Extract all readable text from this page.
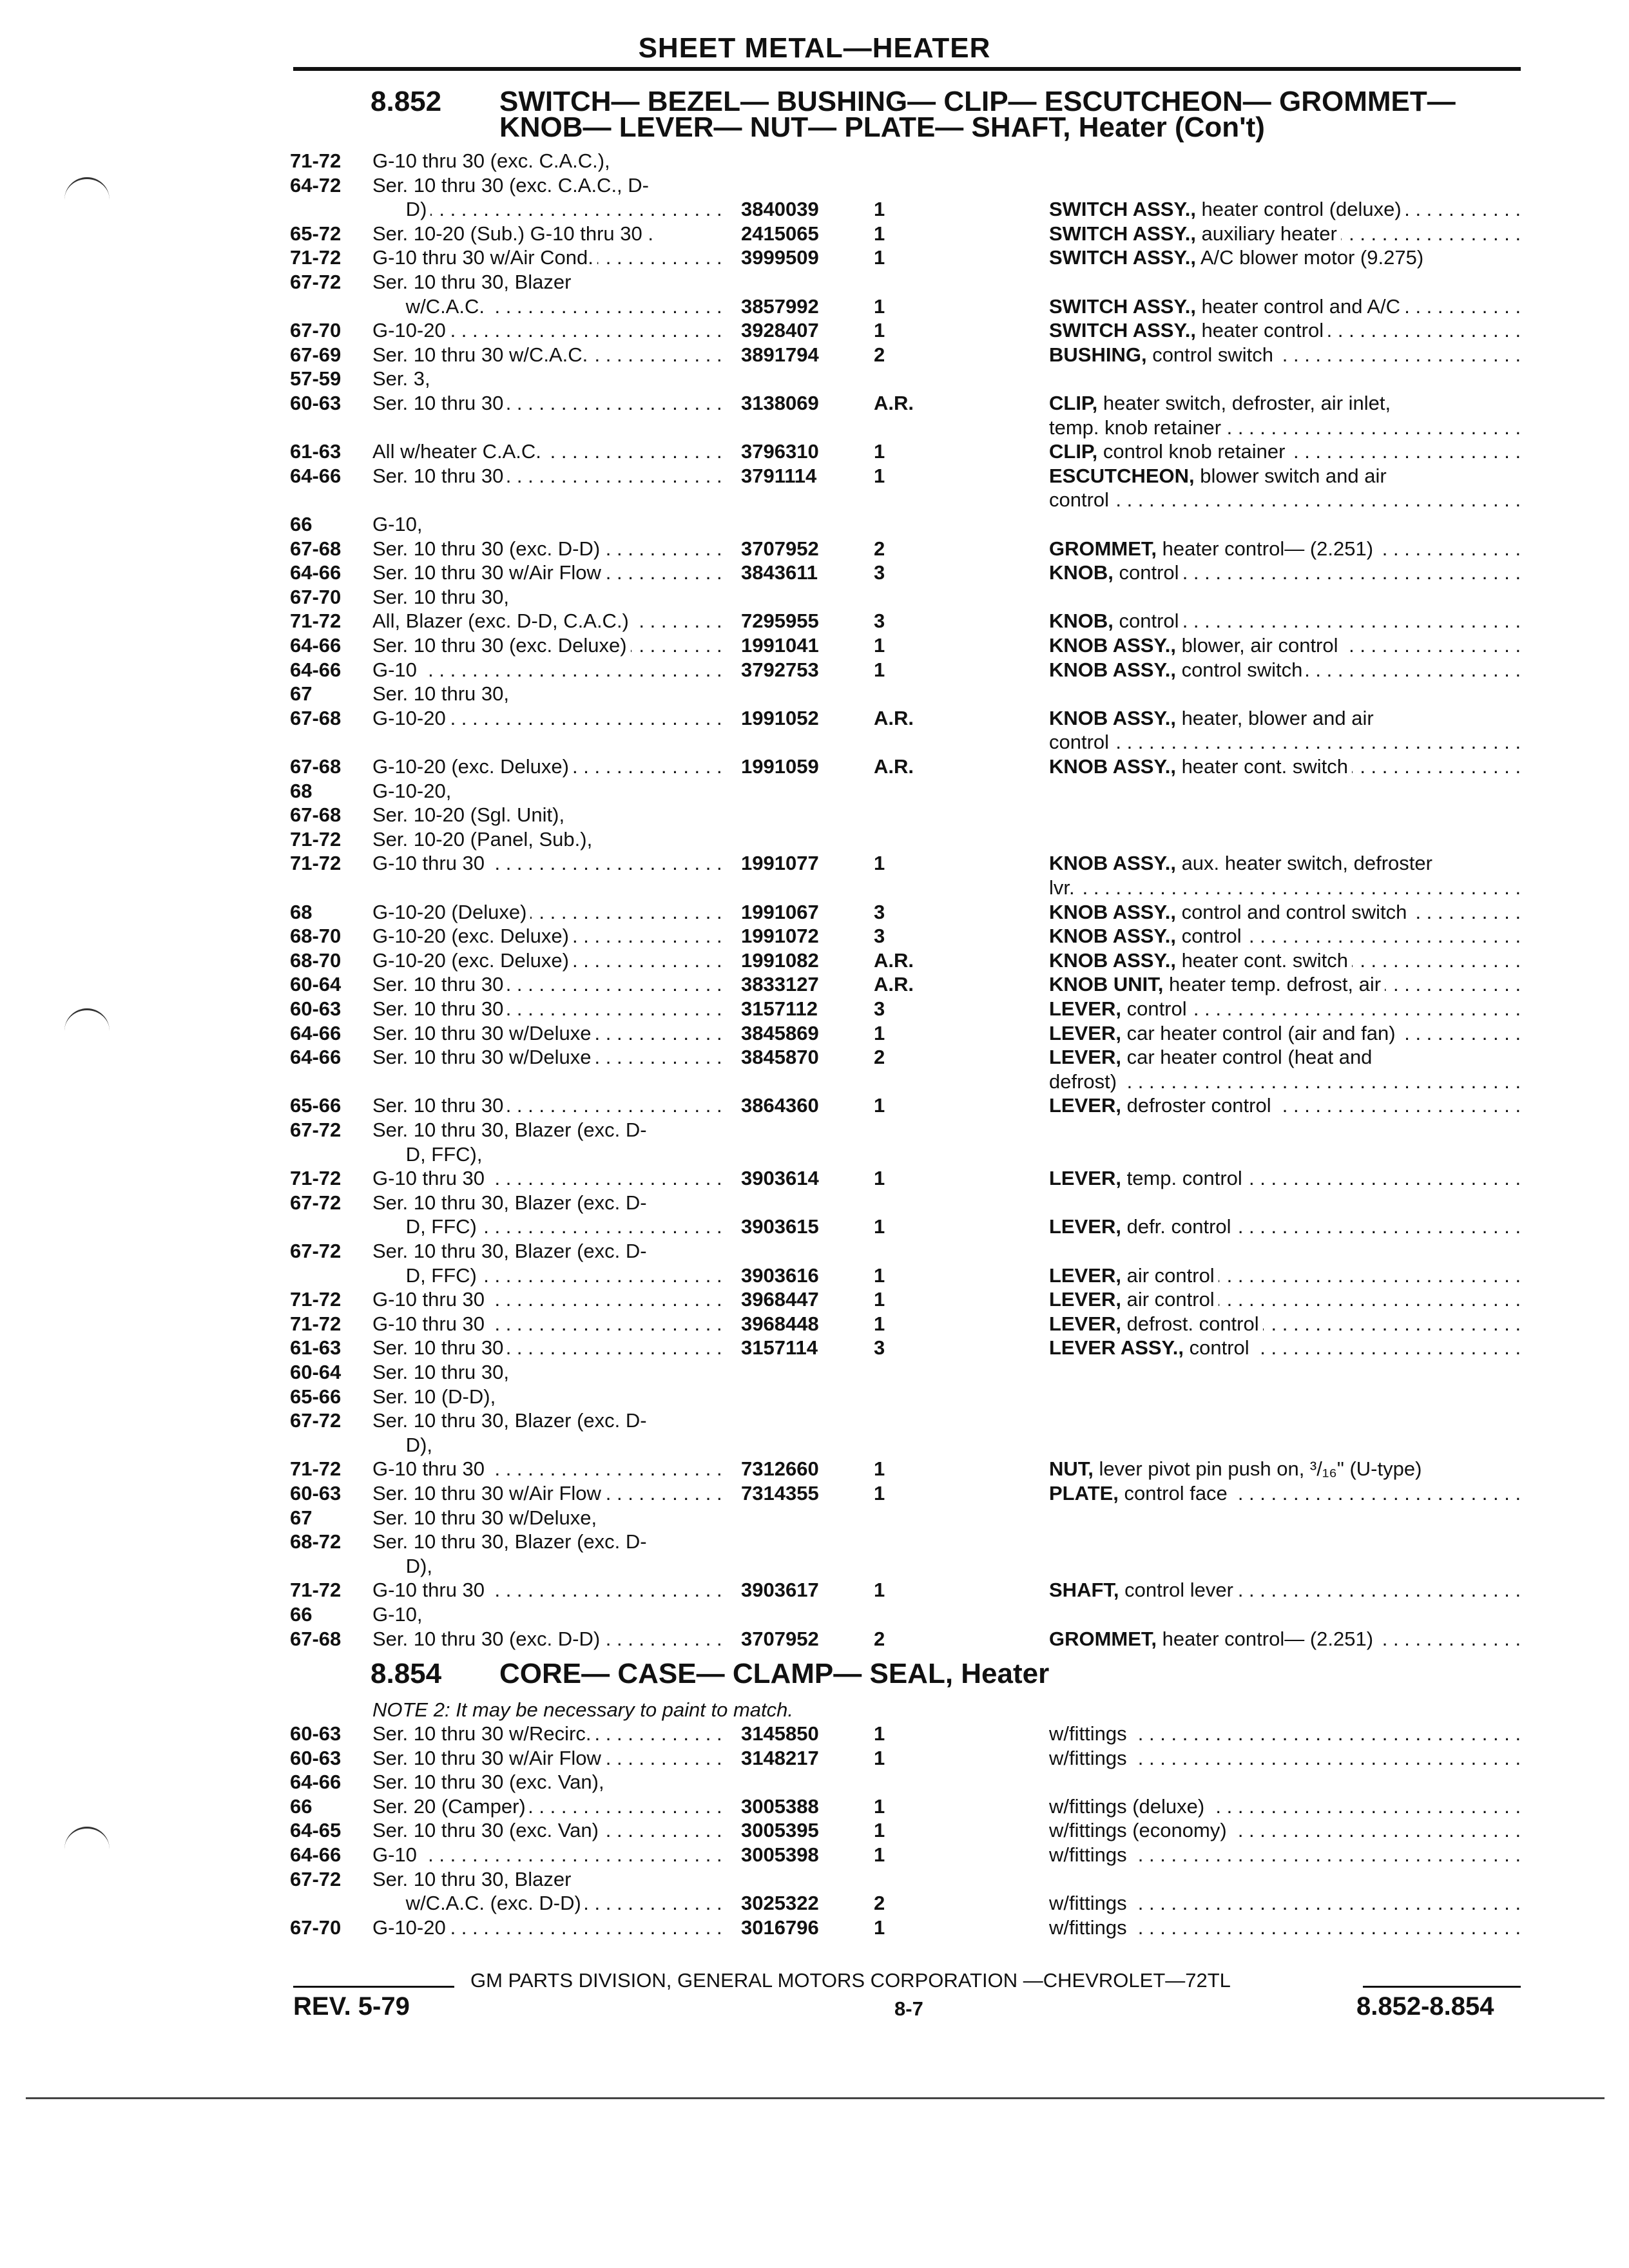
SHEET METAL—HEATER
8.852 SWITCH— BEZEL— BUSHING— CLIP— ESCUTCHEON— GROMMET—
KNOB— LEVER— NUT— PLATE— SHAFT, Heater (Con't)
8.854 CORE— CASE— CLAMP— SEAL, Heater
NOTE 2: It may be necessary to paint to match.
71-72 G-10 thru 30 (exc. C.A.C.),
64-72 Ser. 10 thru 30 (exc. C.A.C., D-
D) . . .	3840039	1	SWITCH ASSY., heater control (deluxe) . . .
65-72 Ser. 10-20 (Sub.) G-10 thru 30 .	2415065	1	SWITCH ASSY., auxiliary heater . . .
71-72 G-10 thru 30 w/Air Cond. . . .	3999509	1	SWITCH ASSY., A/C blower motor (9.275)
67-72 Ser. 10 thru 30, Blazer
w/C.A.C. . . .	3857992	1	SWITCH ASSY., heater control and A/C . . .
67-70 G-10-20 . . .	3928407	1	SWITCH ASSY., heater control . . .
67-69 Ser. 10 thru 30 w/C.A.C. . . .	3891794	2	BUSHING, control switch . . .
57-59 Ser. 3,
60-63 Ser. 10 thru 30 . . .	3138069	A.R.	CLIP, heater switch, defroster, air inlet,
temp. knob retainer . . .
61-63 All w/heater C.A.C. . . .	3796310	1	CLIP, control knob retainer . . .
64-66 Ser. 10 thru 30 . . .	3791114	1	ESCUTCHEON, blower switch and air
control . . .
66	G-10,
67-68 Ser. 10 thru 30 (exc. D-D) . . .	3707952	2	GROMMET, heater control— (2.251) . . .
64-66 Ser. 10 thru 30 w/Air Flow . . .	3843611	3	KNOB, control . . .
67-70 Ser. 10 thru 30,
71-72 All, Blazer (exc. D-D, C.A.C.) . . .	7295955	3	KNOB, control . . .
64-66 Ser. 10 thru 30 (exc. Deluxe) . . .	1991041	1	KNOB ASSY., blower, air control . . .
64-66 G-10 . . .	3792753	1	KNOB ASSY., control switch . . .
67	Ser. 10 thru 30,
67-68 G-10-20 . . .	1991052	A.R.	KNOB ASSY., heater, blower and air
control . . .
67-68 G-10-20 (exc. Deluxe) . . .	1991059	A.R.	KNOB ASSY., heater cont. switch . . .
68	G-10-20,
67-68 Ser. 10-20 (Sgl. Unit),
71-72 Ser. 10-20 (Panel, Sub.),
71-72 G-10 thru 30 . . .	1991077	1	KNOB ASSY., aux. heater switch, defroster
lvr. . . .
68	G-10-20 (Deluxe) . . .	1991067	3	KNOB ASSY., control and control switch . . .
68-70 G-10-20 (exc. Deluxe) . . .	1991072	3	KNOB ASSY., control . . .
68-70 G-10-20 (exc. Deluxe) . . .	1991082	A.R.	KNOB ASSY., heater cont. switch . . .
60-64 Ser. 10 thru 30 . . .	3833127	A.R.	KNOB UNIT, heater temp. defrost, air . . .
60-63 Ser. 10 thru 30 . . .	3157112	3	LEVER, control . . .
64-66 Ser. 10 thru 30 w/Deluxe . . .	3845869	1	LEVER, car heater control (air and fan) . . .
64-66 Ser. 10 thru 30 w/Deluxe . . .	3845870	2	LEVER, car heater control (heat and
defrost) . . .
65-66 Ser. 10 thru 30 . . .	3864360	1	LEVER, defroster control . . .
67-72 Ser. 10 thru 30, Blazer (exc. D-
D, FFC),
71-72 G-10 thru 30 . . .	3903614	1	LEVER, temp. control . . .
67-72 Ser. 10 thru 30, Blazer (exc. D-
D, FFC) . . .	3903615	1	LEVER, defr. control . . .
67-72 Ser. 10 thru 30, Blazer (exc. D-
D, FFC) . . .	3903616	1	LEVER, air control . . .
71-72 G-10 thru 30 . . .	3968447	1	LEVER, air control . . .
71-72 G-10 thru 30 . . .	3968448	1	LEVER, defrost. control . . .
61-63 Ser. 10 thru 30 . . .	3157114	3	LEVER ASSY., control . . .
60-64 Ser. 10 thru 30,
65-66 Ser. 10 (D-D),
67-72 Ser. 10 thru 30, Blazer (exc. D-
D),
71-72 G-10 thru 30 . . .	7312660	1	NUT, lever pivot pin push on, ³/₁₆" (U-type)
60-63 Ser. 10 thru 30 w/Air Flow . . .	7314355	1	PLATE, control face . . .
67	Ser. 10 thru 30 w/Deluxe,
68-72 Ser. 10 thru 30, Blazer (exc. D-
D),
71-72 G-10 thru 30 . . .	3903617	1	SHAFT, control lever . . .
66	G-10,
67-68 Ser. 10 thru 30 (exc. D-D) . . .	3707952	2	GROMMET, heater control— (2.251) . . .
60-63 Ser. 10 thru 30 w/Recirc. . . .	3145850	1	w/fittings . . .
60-63 Ser. 10 thru 30 w/Air Flow . . .	3148217	1	w/fittings . . .
64-66 Ser. 10 thru 30 (exc. Van),
66	Ser. 20 (Camper) . . .	3005388	1	w/fittings (deluxe) . . .
64-65 Ser. 10 thru 30 (exc. Van) . . .	3005395	1	w/fittings (economy) . . .
64-66 G-10 . . .	3005398	1	w/fittings . . .
67-72 Ser. 10 thru 30, Blazer
w/C.A.C. (exc. D-D) . . .	3025322	2	w/fittings . . .
67-70 G-10-20 . . .	3016796	1	w/fittings . . .
GM PARTS DIVISION, GENERAL MOTORS CORPORATION —CHEVROLET—72TL
REV. 5-79	8-7	8.852-8.854
